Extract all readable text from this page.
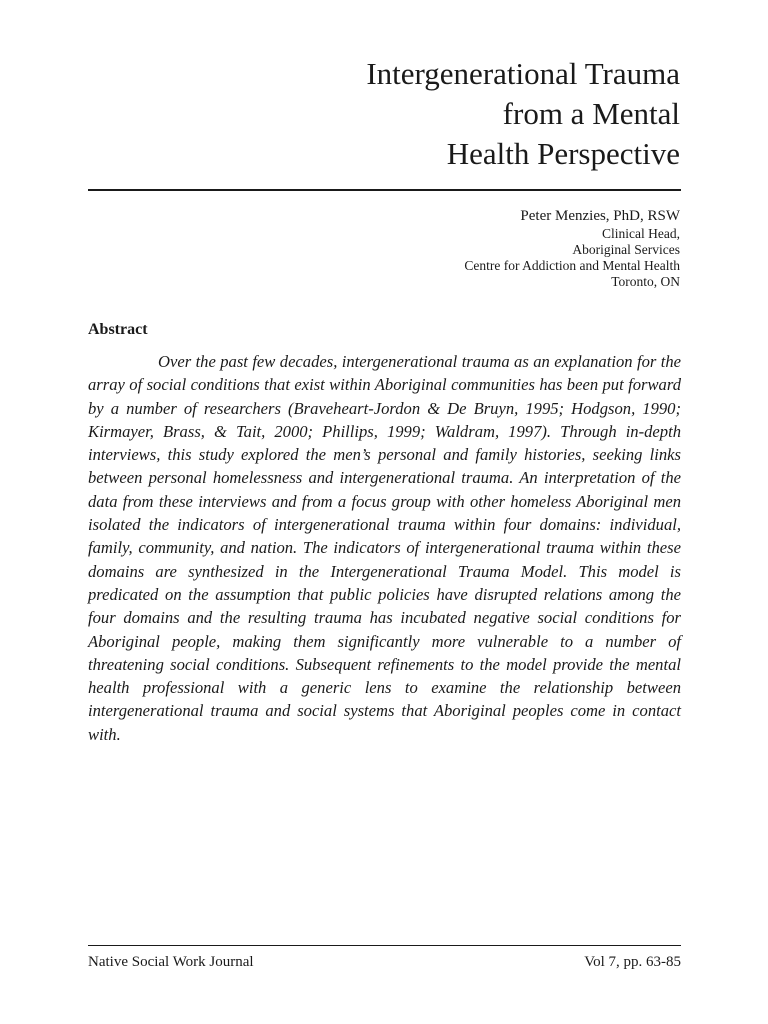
Intergenerational Trauma
from a Mental
Health Perspective
Peter Menzies, PhD, RSW
Clinical Head,
Aboriginal Services
Centre for Addiction and Mental Health
Toronto, ON
Abstract

Over the past few decades, intergenerational trauma as an explanation for the array of social conditions that exist within Aboriginal communities has been put forward by a number of researchers (Braveheart-Jordon & De Bruyn, 1995; Hodgson, 1990; Kirmayer, Brass, & Tait, 2000; Phillips, 1999; Waldram, 1997). Through in-depth interviews, this study explored the men’s personal and family histories, seeking links between personal homelessness and intergenerational trauma. An interpretation of the data from these interviews and from a focus group with other homeless Aboriginal men isolated the indicators of intergenerational trauma within four domains: individual, family, community, and nation. The indicators of intergenerational trauma within these domains are synthesized in the Intergenerational Trauma Model. This model is predicated on the assumption that public policies have disrupted relations among the four domains and the resulting trauma has incubated negative social conditions for Aboriginal people, making them significantly more vulnerable to a number of threatening social conditions. Subsequent refinements to the model provide the mental health professional with a generic lens to examine the relationship between intergenerational trauma and social systems that Aboriginal peoples come in contact with.

Native Social Work Journal	Vol 7, pp. 63-85
